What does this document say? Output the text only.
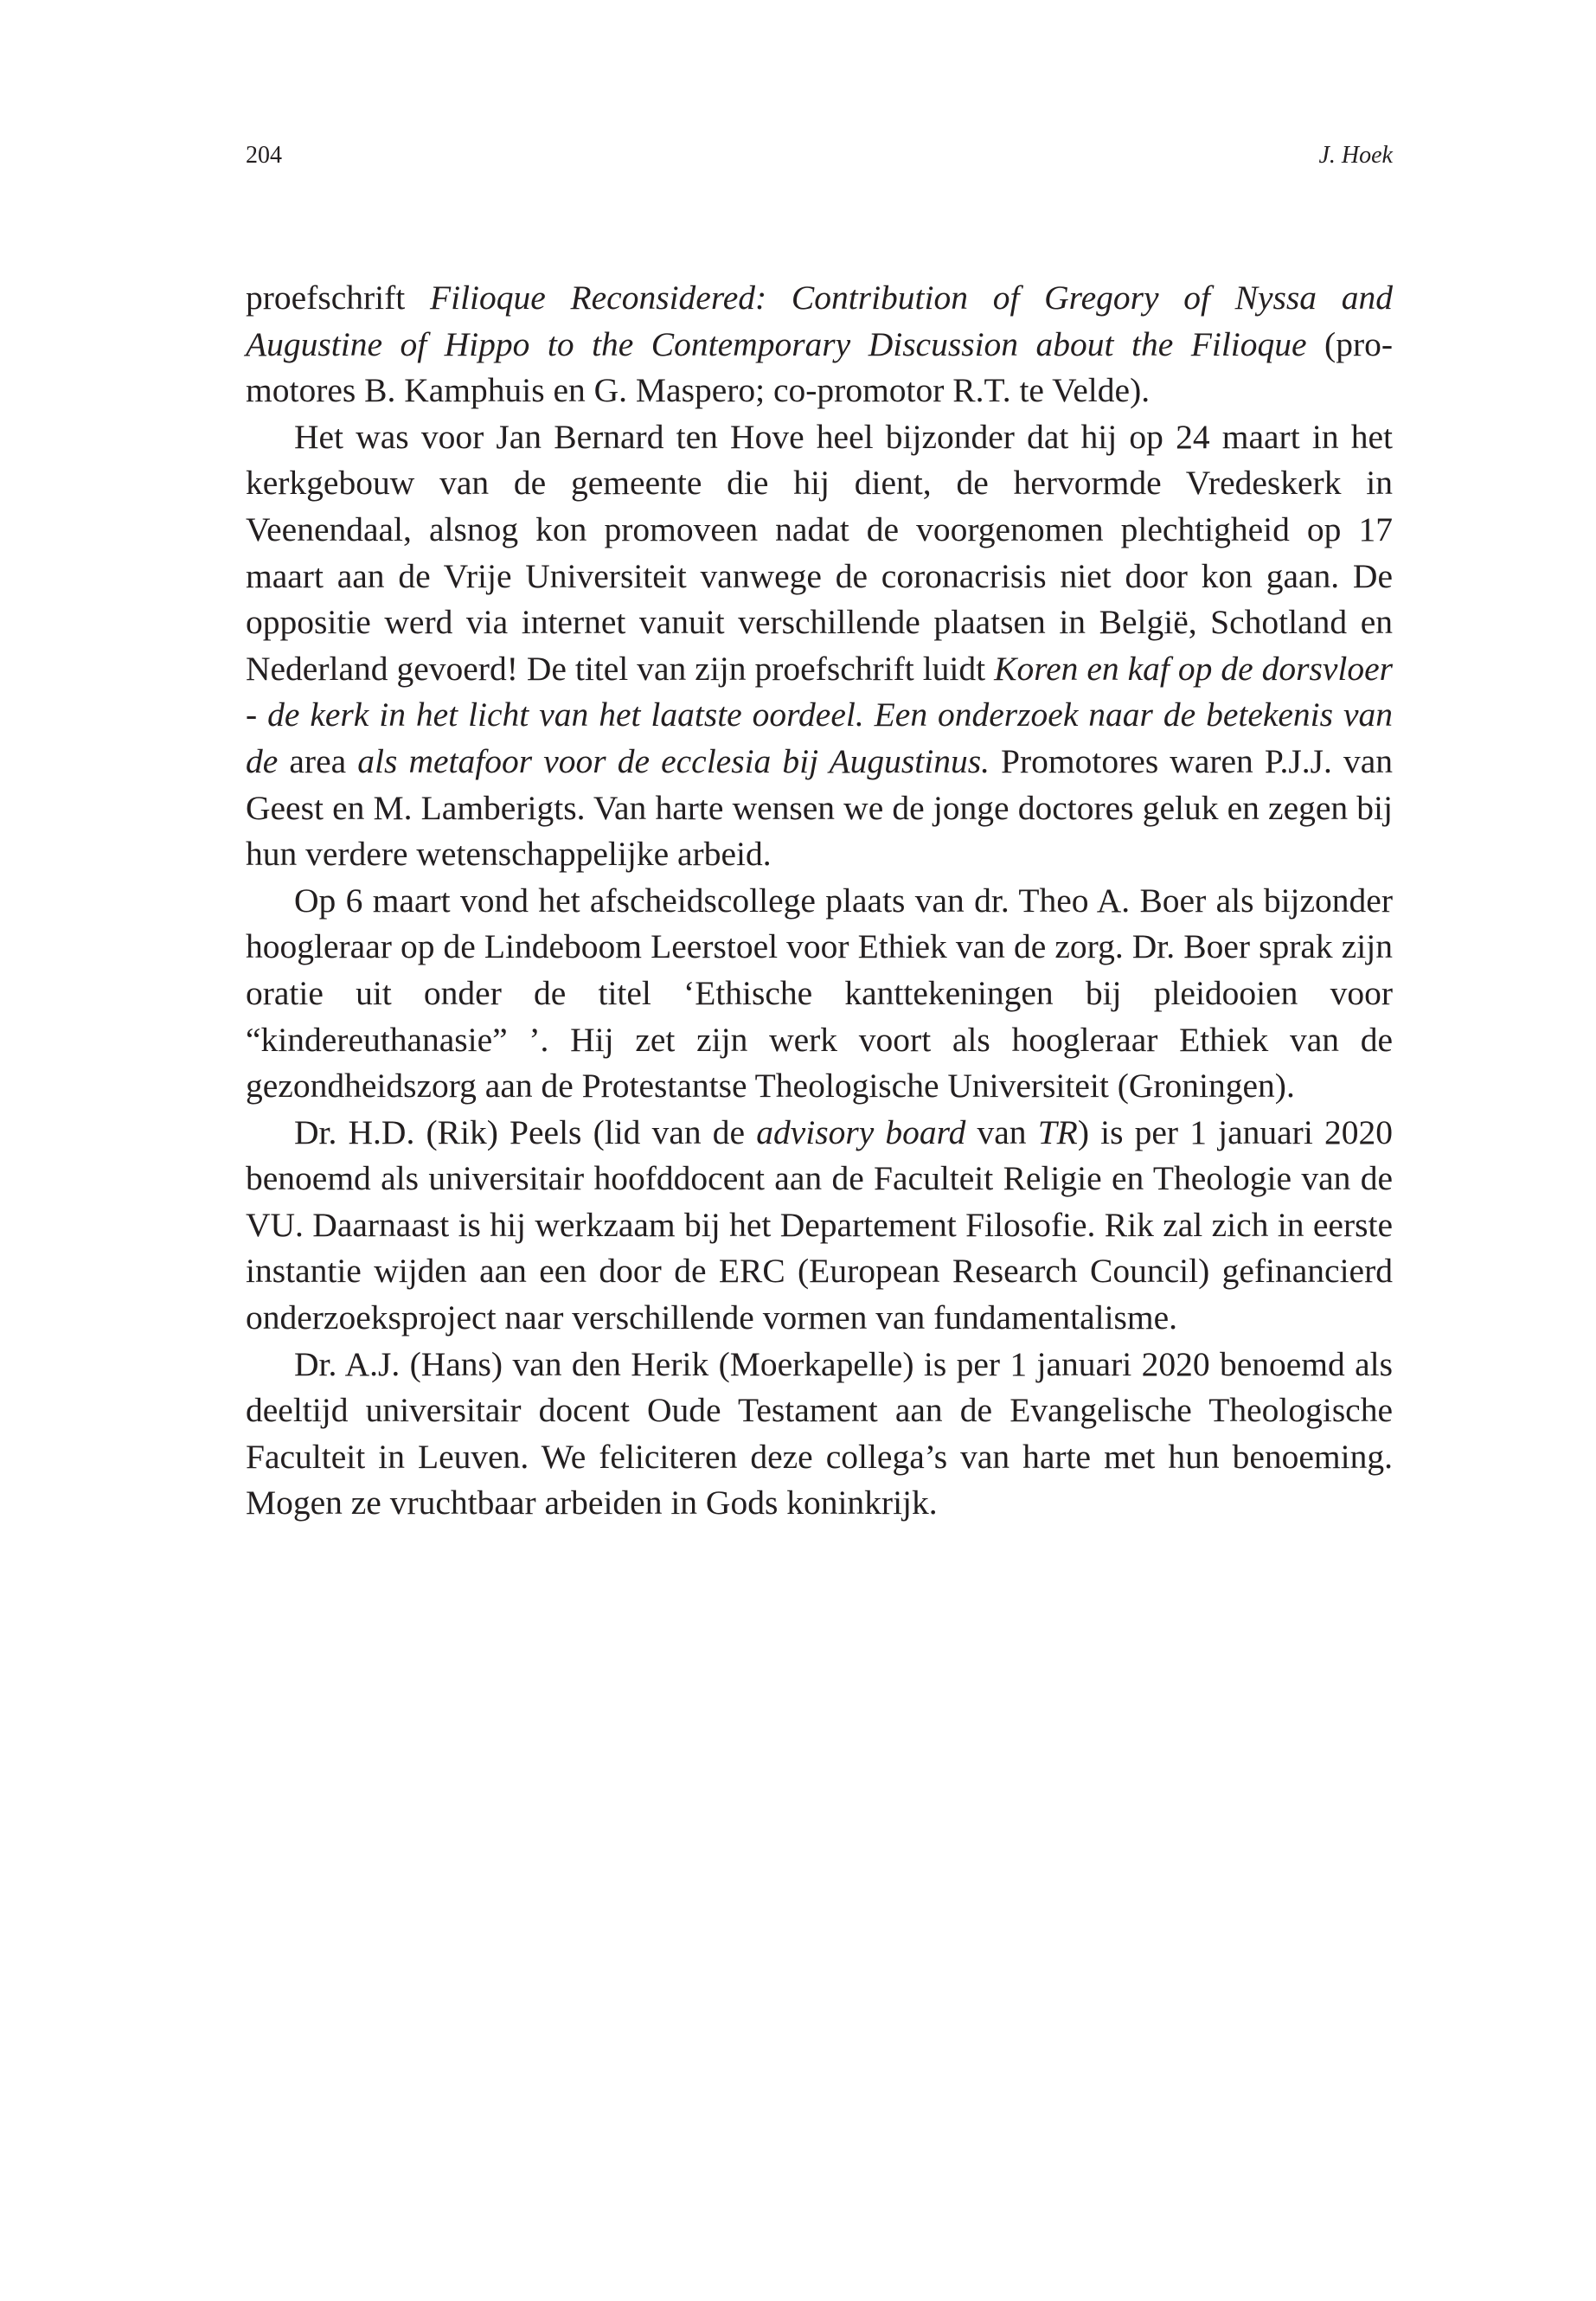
204	J. Hoek

proefschrift Filioque Reconsidered: Contribution of Gregory of Nyssa and Augustine of Hippo to the Contemporary Discussion about the Filioque (promotores B. Kamphuis en G. Maspero; co-promotor R.T. te Velde).

Het was voor Jan Bernard ten Hove heel bijzonder dat hij op 24 maart in het kerkgebouw van de gemeente die hij dient, de hervormde Vredeskerk in Veenendaal, alsnog kon promoveen nadat de voorgenomen plechtigheid op 17 maart aan de Vrije Universiteit vanwege de coronacrisis niet door kon gaan. De oppositie werd via internet vanuit verschillende plaatsen in België, Schotland en Nederland gevoerd! De titel van zijn proefschrift luidt Koren en kaf op de dorsvloer - de kerk in het licht van het laatste oordeel. Een onderzoek naar de betekenis van de area als metafoor voor de ecclesia bij Augustinus. Promotores waren P.J.J. van Geest en M. Lamberigts. Van harte wensen we de jonge doctores geluk en zegen bij hun verdere wetenschappelijke arbeid.

Op 6 maart vond het afscheidscollege plaats van dr. Theo A. Boer als bijzonder hoogleraar op de Lindeboom Leerstoel voor Ethiek van de zorg. Dr. Boer sprak zijn oratie uit onder de titel ‘Ethische kanttekeningen bij pleidooien voor “kindereuthanasie” ’. Hij zet zijn werk voort als hoogleraar Ethiek van de gezondheidszorg aan de Protestantse Theologische Universiteit (Groningen).

Dr. H.D. (Rik) Peels (lid van de advisory board van TR) is per 1 januari 2020 benoemd als universitair hoofddocent aan de Faculteit Religie en Theologie van de VU. Daarnaast is hij werkzaam bij het Departement Filosofie. Rik zal zich in eerste instantie wijden aan een door de ERC (European Research Council) gefinancierd onderzoeksproject naar verschillende vormen van fundamentalisme.

Dr. A.J. (Hans) van den Herik (Moerkapelle) is per 1 januari 2020 benoemd als deeltijd universitair docent Oude Testament aan de Evangelische Theologische Faculteit in Leuven. We feliciteren deze collega’s van harte met hun benoeming. Mogen ze vruchtbaar arbeiden in Gods koninkrijk.
